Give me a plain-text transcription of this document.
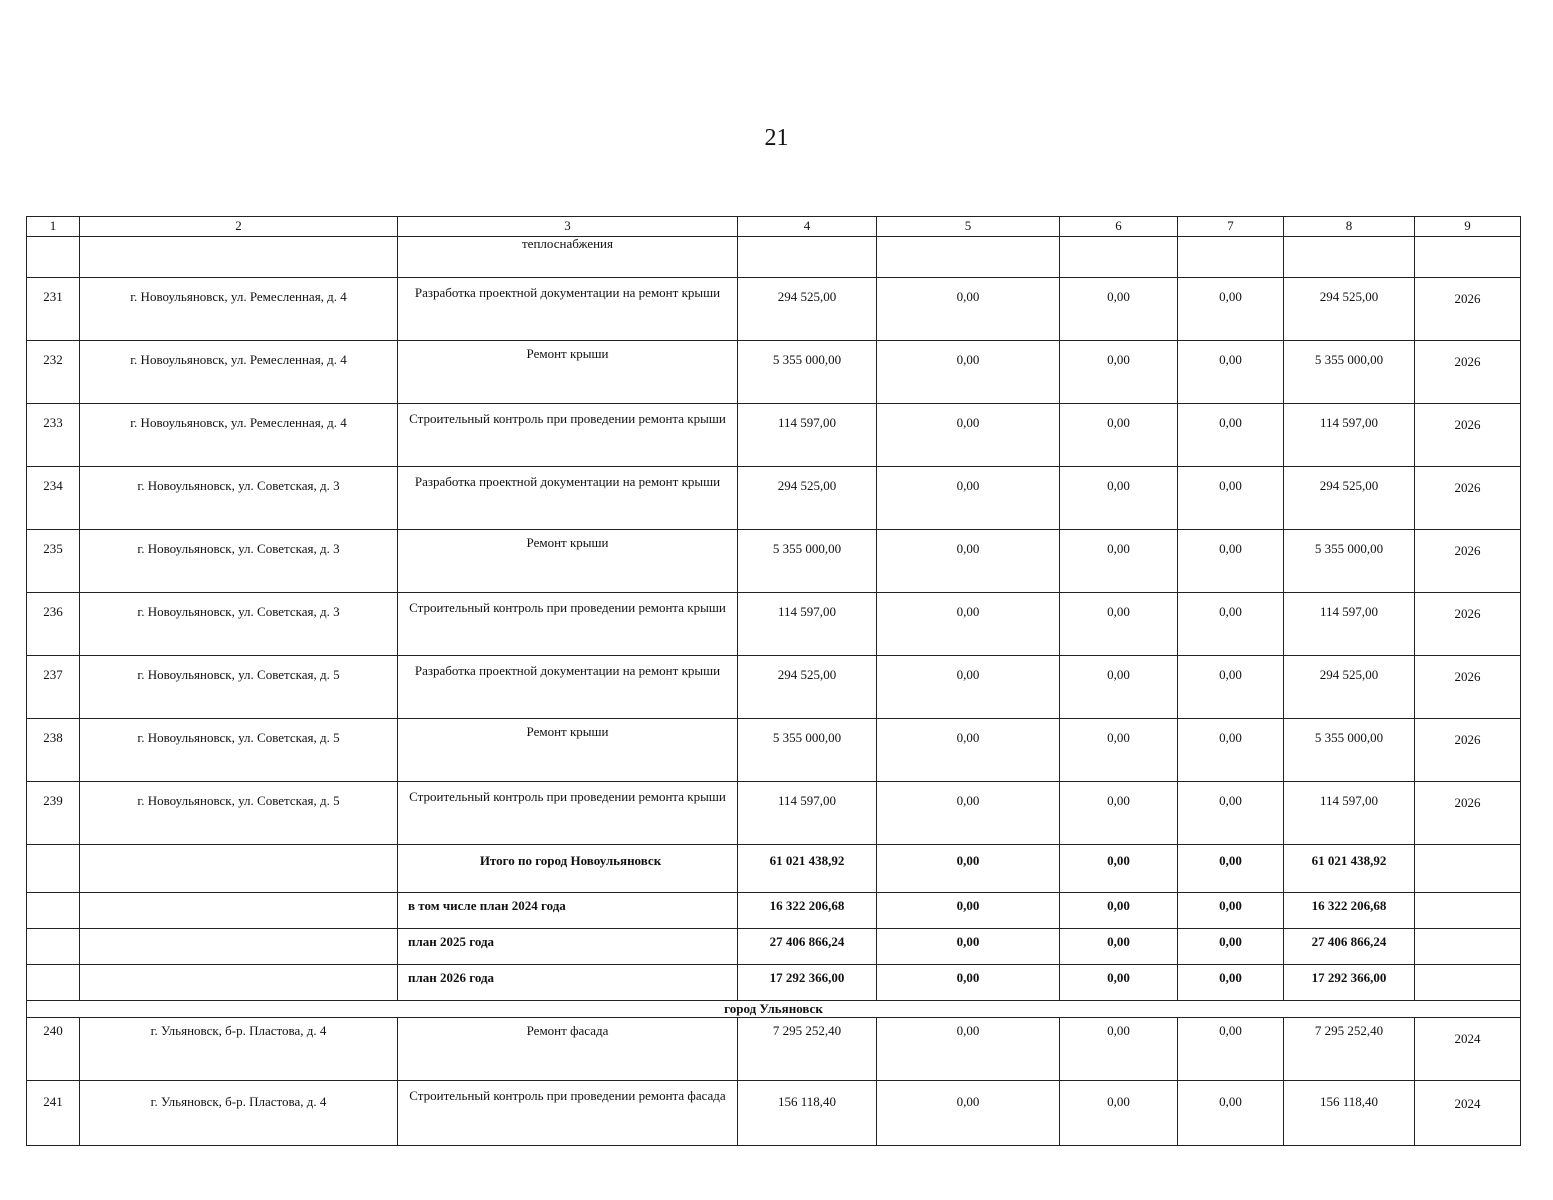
21
1	2	3	4	5	6	7	8	9
		теплоснабжения						
231	г. Новоульяновск, ул. Ремесленная, д. 4	Разработка проектной документации на ремонт крыши	294 525,00	0,00	0,00	0,00	294 525,00	2026
232	г. Новоульяновск, ул. Ремесленная, д. 4	Ремонт крыши	5 355 000,00	0,00	0,00	0,00	5 355 000,00	2026
233	г. Новоульяновск, ул. Ремесленная, д. 4	Строительный контроль при проведении ремонта крыши	114 597,00	0,00	0,00	0,00	114 597,00	2026
234	г. Новоульяновск, ул. Советская, д. 3	Разработка проектной документации на ремонт крыши	294 525,00	0,00	0,00	0,00	294 525,00	2026
235	г. Новоульяновск, ул. Советская, д. 3	Ремонт крыши	5 355 000,00	0,00	0,00	0,00	5 355 000,00	2026
236	г. Новоульяновск, ул. Советская, д. 3	Строительный контроль при проведении ремонта крыши	114 597,00	0,00	0,00	0,00	114 597,00	2026
237	г. Новоульяновск, ул. Советская, д. 5	Разработка проектной документации на ремонт крыши	294 525,00	0,00	0,00	0,00	294 525,00	2026
238	г. Новоульяновск, ул. Советская, д. 5	Ремонт крыши	5 355 000,00	0,00	0,00	0,00	5 355 000,00	2026
239	г. Новоульяновск, ул. Советская, д. 5	Строительный контроль при проведении ремонта крыши	114 597,00	0,00	0,00	0,00	114 597,00	2026
		Итого по город Новоульяновск	61 021 438,92	0,00	0,00	0,00	61 021 438,92	
		в том числе план 2024 года	16 322 206,68	0,00	0,00	0,00	16 322 206,68	
		план 2025 года	27 406 866,24	0,00	0,00	0,00	27 406 866,24	
		план 2026 года	17 292 366,00	0,00	0,00	0,00	17 292 366,00	
город Ульяновск								
240	г. Ульяновск, б-р. Пластова, д. 4	Ремонт фасада	7 295 252,40	0,00	0,00	0,00	7 295 252,40	2024
241	г. Ульяновск, б-р. Пластова, д. 4	Строительный контроль при проведении ремонта фасада	156 118,40	0,00	0,00	0,00	156 118,40	2024
